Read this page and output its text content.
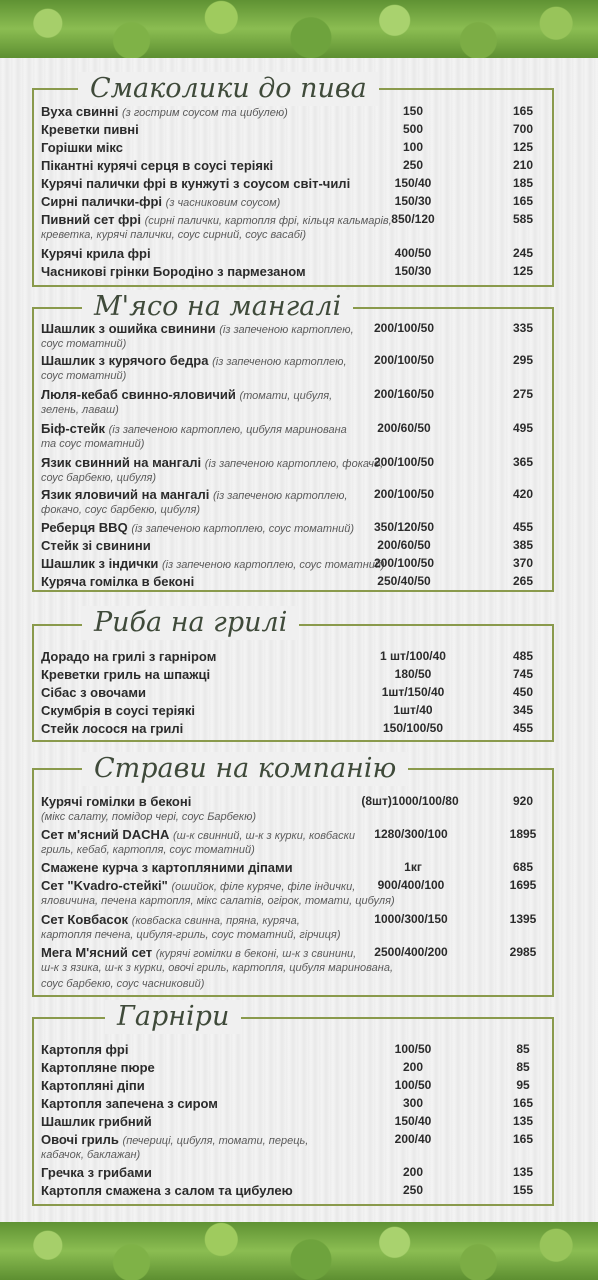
Смаколики до пива
Вуха свинні (з гострим соусом та цибулею)	150	165
Креветки пивні	500	700
Горішки мікс	100	125
Пікантні курячі серця в соусі теріякі	250	210
Курячі палички фрі в кунжуті з соусом світ-чилі	150/40	185
Сирні палички-фрі (з часниковим соусом)	150/30	165
Пивний сет фрі (сирні палички, картопля фрі, кільця кальмарів,
креветка, курячі палички, соус сирний, соус васабі)
850/120	585
Курячі крила фрі	400/50	245
Часникові грінки Бородіно з пармезаном	150/30	125
М'ясо на мангалі
Шашлик з ошийка свинини (із запеченою картоплею,
соус томатний)
200/100/50	335
Шашлик з курячого бедра (із запеченою картоплею,
соус томатний)
200/100/50	295
Люля-кебаб свинно-яловичий (томати, цибуля,
зелень, лаваш)
200/160/50	275
Біф-стейк (із запеченою картоплею, цибуля маринована
та соус томатний)
200/60/50	495
Язик свинний на мангалі (із запеченою картоплею, фокачо,
соус барбекю, цибуля)
200/100/50	365
Язик яловичий на мангалі (із запеченою картоплею,
фокачо, соус барбекю, цибуля)
200/100/50	420
Реберця BBQ (із запеченою картоплею, соус томатний)	350/120/50	455
Стейк зі свинини	200/60/50	385
Шашлик з індички (із запеченою картоплею, соус томатний)
200/100/50	370
Куряча гомілка в беконі	250/40/50	265
Риба на грилі
Дорадо на грилі з гарніром	1 шт/100/40	485
Креветки гриль на шпажці	180/50	745
Сібас з овочами	1шт/150/40	450
Скумбрія в соусі теріякі	1шт/40	345
Стейк лосося на грилі	150/100/50	455
Страви на компанію
Курячі гомілки в беконі
(мікс салату, помідор чері, соус Барбекю)
(8шт)1000/100/80	920
Сет м'ясний DACHA (ш-к свинний, ш-к з курки, ковбаски
гриль, кебаб, картопля, соус томатний)
1280/300/100	1895
Смажене курча з картопляними діпами	1кг	685
Сет "Kvadro-стейкі" (ошийок, філе куряче, філе індички,
яловичина, печена картопля, мікс салатів, огірок, томати, цибуля)
900/400/100	1695
Сет Ковбасок (ковбаска свинна, пряна, куряча,
картопля печена, цибуля-гриль, соус томатний, гірчиця)
1000/300/150	1395
Мега М'ясний сет (курячі гомілки в беконі, ш-к з свинини,
ш-к з язика, ш-к з курки, овочі гриль, картопля, цибуля маринована,
соус барбекю, соус часниковий)
2500/400/200	2985
Гарніри
Картопля фрі	100/50	85
Картопляне пюре	200	85
Картопляні діпи	100/50	95
Картопля запечена з сиром	300	165
Шашлик грибний	150/40	135
Овочі гриль (печериці, цибуля, томати, перець,
кабачок, баклажан)
200/40	165
Гречка з грибами	200	135
Картопля смажена з салом та цибулею	250	155
